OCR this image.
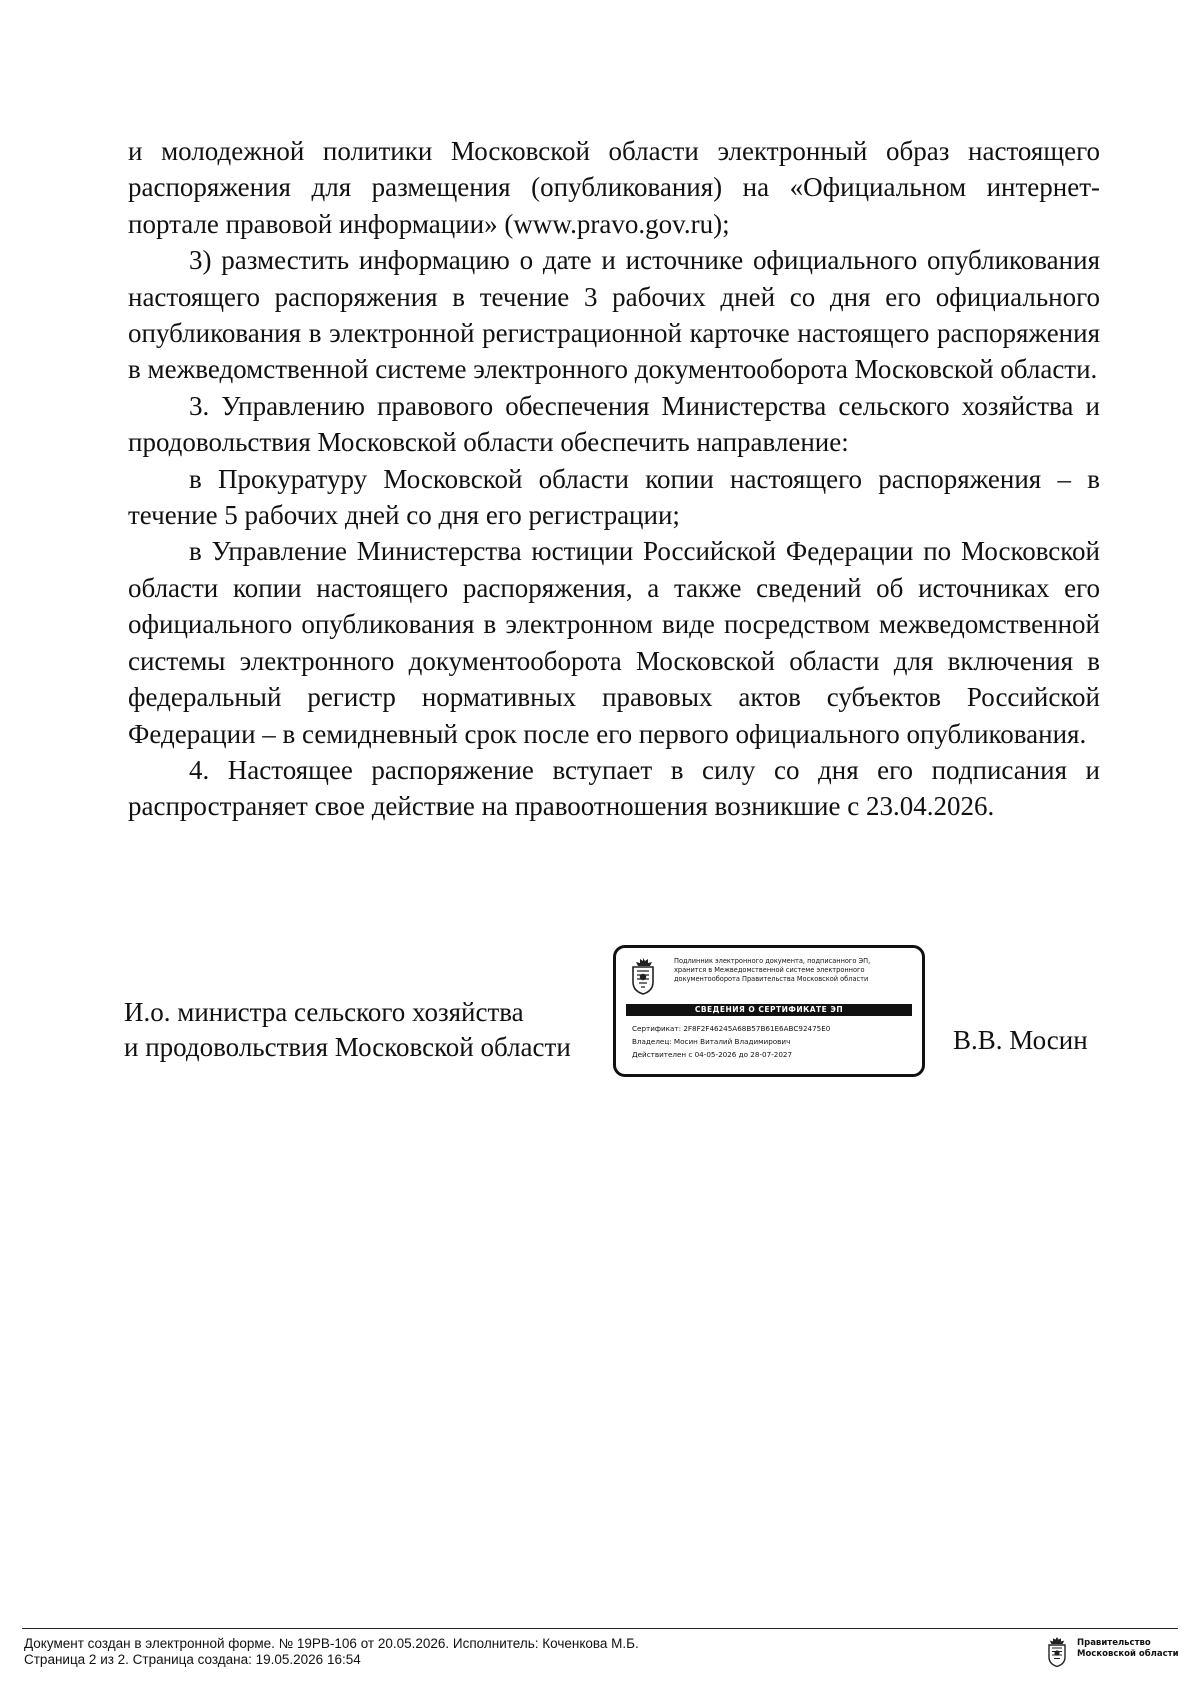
и молодежной политики Московской области электронный образ настоящего распоряжения для размещения (опубликования) на «Официальном интернет-портале правовой информации» (www.pravo.gov.ru);

3) разместить информацию о дате и источнике официального опубликования настоящего распоряжения в течение 3 рабочих дней со дня его официального опубликования в электронной регистрационной карточке настоящего распоряжения в межведомственной системе электронного документооборота Московской области.

3. Управлению правового обеспечения Министерства сельского хозяйства и продовольствия Московской области обеспечить направление:

в Прокуратуру Московской области копии настоящего распоряжения – в течение 5 рабочих дней со дня его регистрации;

в Управление Министерства юстиции Российской Федерации по Московской области копии настоящего распоряжения, а также сведений об источниках его официального опубликования в электронном виде посредством межведомственной системы электронного документооборота Московской области для включения в федеральный регистр нормативных правовых актов субъектов Российской Федерации – в семидневный срок после его первого официального опубликования.

4. Настоящее распоряжение вступает в силу со дня его подписания и распространяет свое действие на правоотношения возникшие с 23.04.2026.

И.о. министра сельского хозяйства
и продовольствия Московской области
Подлинник электронного документа, подписанного ЭП,
хранится в Межведомственной системе электронного
документооборота Правительства Московской области
СВЕДЕНИЯ О СЕРТИФИКАТЕ ЭП
Сертификат: 2F8F2F46245A68B57B61E6ABC92475E0
Владелец: Мосин Виталий Владимирович
Действителен с 04-05-2026 до 28-07-2027	В.В. Мосин
Документ создан в электронной форме. № 19РВ-106 от 20.05.2026. Исполнитель: Коченкова М.Б.
Страница 2 из 2. Страница создана: 19.05.2026 16:54
Правительство
Московской области
